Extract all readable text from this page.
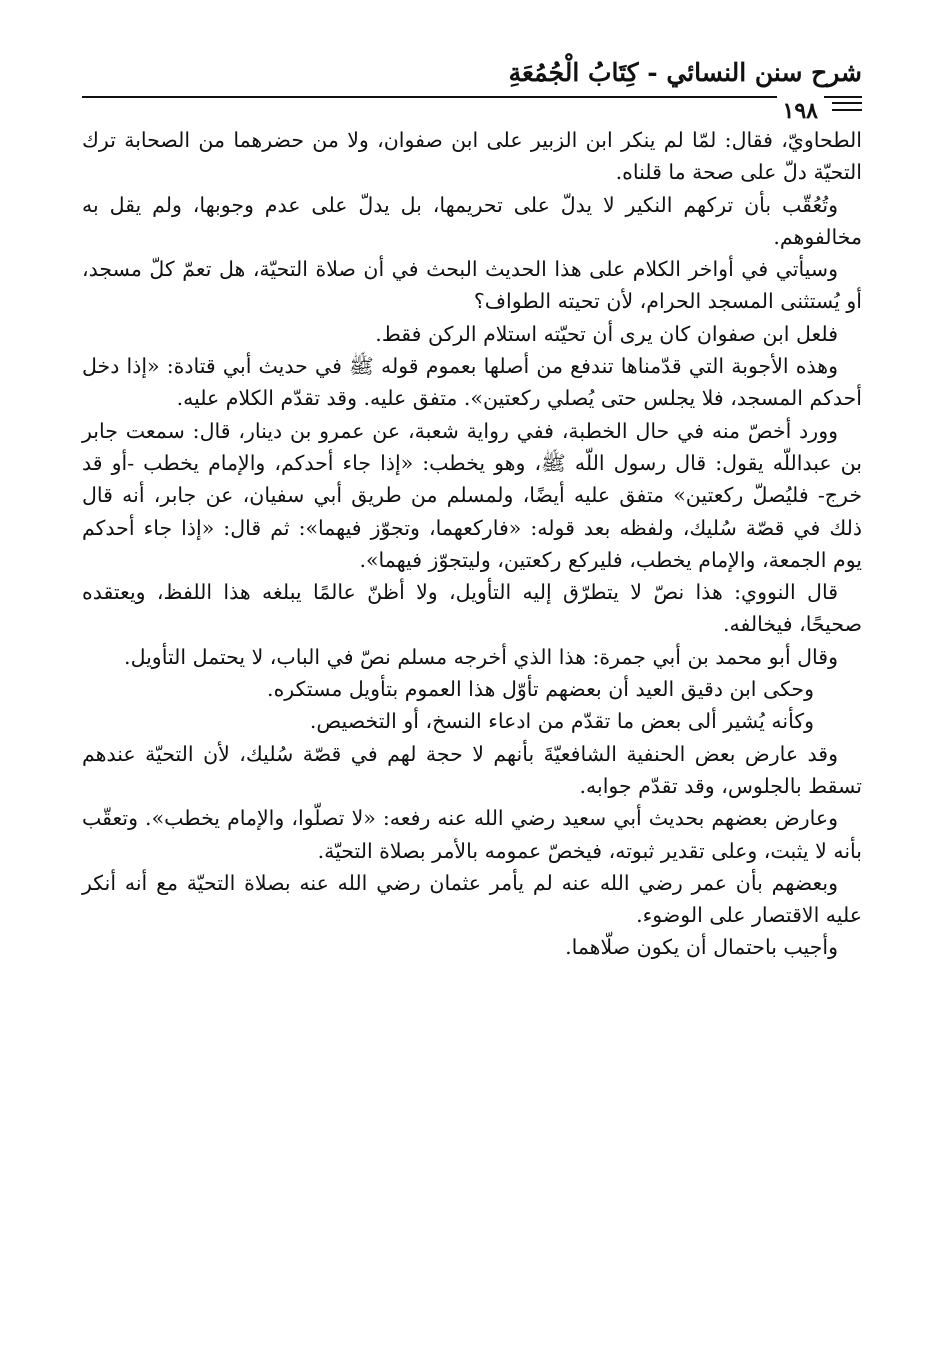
شرح سنن النسائي - كِتَابُ الْجُمُعَةِ
١٩٨

الطحاويّ، فقال: لمّا لم ينكر ابن الزبير على ابن صفوان، ولا من حضرهما من الصحابة ترك التحيّة دلّ على صحة ما قلناه.

وتُعُقّب بأن تركهم النكير لا يدلّ على تحريمها، بل يدلّ على عدم وجوبها، ولم يقل به مخالفوهم.

وسيأتي في أواخر الكلام على هذا الحديث البحث في أن صلاة التحيّة، هل تعمّ كلّ مسجد، أو يُستثنى المسجد الحرام، لأن تحيته الطواف؟

فلعل ابن صفوان كان يرى أن تحيّته استلام الركن فقط.

وهذه الأجوبة التي قدّمناها تندفع من أصلها بعموم قوله ﷺ في حديث أبي قتادة: «إذا دخل أحدكم المسجد، فلا يجلس حتى يُصلي ركعتين». متفق عليه. وقد تقدّم الكلام عليه.

وورد أخصّ منه في حال الخطبة، ففي رواية شعبة، عن عمرو بن دينار، قال: سمعت جابر بن عبداللّه يقول: قال رسول اللّه ﷺ، وهو يخطب: «إذا جاء أحدكم، والإمام يخطب -أو قد خرج- فليُصلّ ركعتين» متفق عليه أيضًا، ولمسلم من طريق أبي سفيان، عن جابر، أنه قال ذلك في قصّة سُليك، ولفظه بعد قوله: «فاركعهما، وتجوّز فيهما»: ثم قال: «إذا جاء أحدكم يوم الجمعة، والإمام يخطب، فليركع ركعتين، وليتجوّز فيهما».

قال النووي: هذا نصّ لا يتطرّق إليه التأويل، ولا أظنّ عالمًا يبلغه هذا اللفظ، ويعتقده صحيحًا، فيخالفه.

وقال أبو محمد بن أبي جمرة: هذا الذي أخرجه مسلم نصّ في الباب، لا يحتمل التأويل.

وحكى ابن دقيق العيد أن بعضهم تأوّل هذا العموم بتأويل مستكره.

وكأنه يُشير ألى بعض ما تقدّم من ادعاء النسخ، أو التخصيص.

وقد عارض بعض الحنفية الشافعيّةَ بأنهم لا حجة لهم في قصّة سُليك، لأن التحيّة عندهم تسقط بالجلوس، وقد تقدّم جوابه.

وعارض بعضهم بحديث أبي سعيد رضي الله عنه رفعه: «لا تصلّوا، والإمام يخطب». وتعقّب بأنه لا يثبت، وعلى تقدير ثبوته، فيخصّ عمومه بالأمر بصلاة التحيّة.

وبعضهم بأن عمر رضي الله عنه لم يأمر عثمان رضي الله عنه بصلاة التحيّة مع أنه أنكر عليه الاقتصار على الوضوء.

وأجيب باحتمال أن يكون صلّاهما.
